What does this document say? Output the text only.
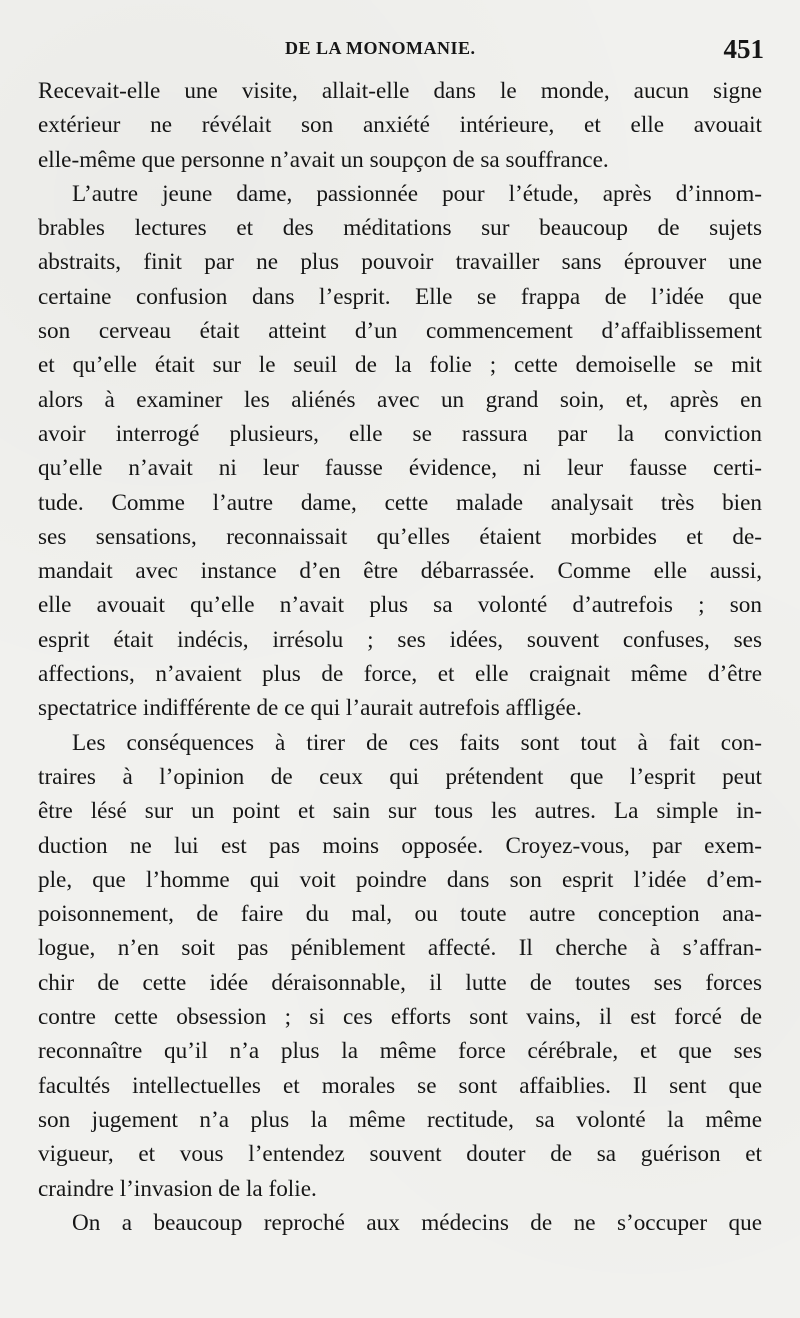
DE LA MONOMANIE.	451
Recevait-elle une visite, allait-elle dans le monde, aucun signe
extérieur ne révélait son anxiété intérieure, et elle avouait
elle-même que personne n’avait un soupçon de sa souffrance.
L’autre jeune dame, passionnée pour l’étude, après d’innom-
brables lectures et des méditations sur beaucoup de sujets
abstraits, finit par ne plus pouvoir travailler sans éprouver une
certaine confusion dans l’esprit. Elle se frappa de l’idée que
son cerveau était atteint d’un commencement d’affaiblissement
et qu’elle était sur le seuil de la folie ; cette demoiselle se mit
alors à examiner les aliénés avec un grand soin, et, après en
avoir interrogé plusieurs, elle se rassura par la conviction
qu’elle n’avait ni leur fausse évidence, ni leur fausse certi-
tude. Comme l’autre dame, cette malade analysait très bien
ses sensations, reconnaissait qu’elles étaient morbides et de-
mandait avec instance d’en être débarrassée. Comme elle aussi,
elle avouait qu’elle n’avait plus sa volonté d’autrefois ; son
esprit était indécis, irrésolu ; ses idées, souvent confuses, ses
affections, n’avaient plus de force, et elle craignait même d’être
spectatrice indifférente de ce qui l’aurait autrefois affligée.
Les conséquences à tirer de ces faits sont tout à fait con-
traires à l’opinion de ceux qui prétendent que l’esprit peut
être lésé sur un point et sain sur tous les autres. La simple in-
duction ne lui est pas moins opposée. Croyez-vous, par exem-
ple, que l’homme qui voit poindre dans son esprit l’idée d’em-
poisonnement, de faire du mal, ou toute autre conception ana-
logue, n’en soit pas péniblement affecté. Il cherche à s’affran-
chir de cette idée déraisonnable, il lutte de toutes ses forces
contre cette obsession ; si ces efforts sont vains, il est forcé de
reconnaître qu’il n’a plus la même force cérébrale, et que ses
facultés intellectuelles et morales se sont affaiblies. Il sent que
son jugement n’a plus la même rectitude, sa volonté la même
vigueur, et vous l’entendez souvent douter de sa guérison et
craindre l’invasion de la folie.
On a beaucoup reproché aux médecins de ne s’occuper que
